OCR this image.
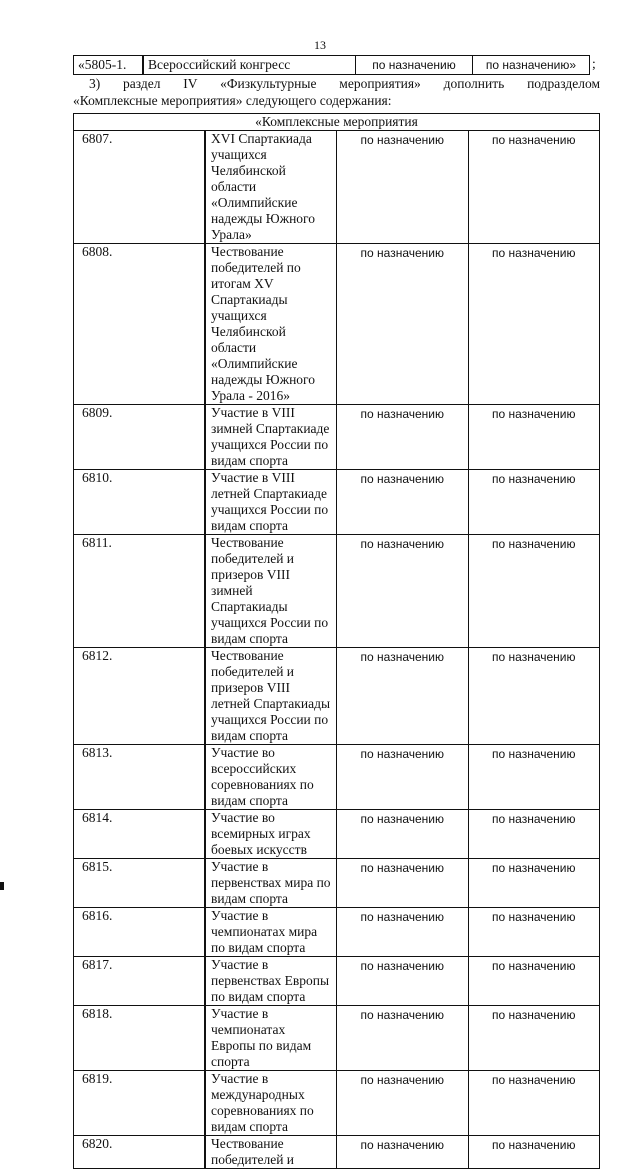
13
«5805-1.	Всероссийский конгресс	по назначению	по назначению»	;
3) раздел IV «Физкультурные мероприятия» дополнить подразделом
«Комплексные мероприятия» следующего содержания:
«Комплексные мероприятия			
6807.	XVI Спартакиада учащихся Челябинской области «Олимпийские надежды Южного Урала»	по назначению	по назначению
6808.	Чествование победителей по итогам XV Спартакиады учащихся Челябинской области «Олимпийские надежды Южного Урала - 2016»	по назначению	по назначению
6809.	Участие в VIII зимней Спартакиаде учащихся России по видам спорта	по назначению	по назначению
6810.	Участие в VIII летней Спартакиаде учащихся России по видам спорта	по назначению	по назначению
6811.	Чествование победителей и призеров VIII зимней Спартакиады учащихся России по видам спорта	по назначению	по назначению
6812.	Чествование победителей и призеров VIII летней Спартакиады учащихся России по видам спорта	по назначению	по назначению
6813.	Участие во всероссийских соревнованиях по видам спорта	по назначению	по назначению
6814.	Участие во всемирных играх боевых искусств	по назначению	по назначению
6815.	Участие в первенствах мира по видам спорта	по назначению	по назначению
6816.	Участие в чемпионатах мира по видам спорта	по назначению	по назначению
6817.	Участие в первенствах Европы по видам спорта	по назначению	по назначению
6818.	Участие в чемпионатах Европы по видам спорта	по назначению	по назначению
6819.	Участие в международных соревнованиях по видам спорта	по назначению	по назначению
6820.	Чествование победителей и	по назначению	по назначению
